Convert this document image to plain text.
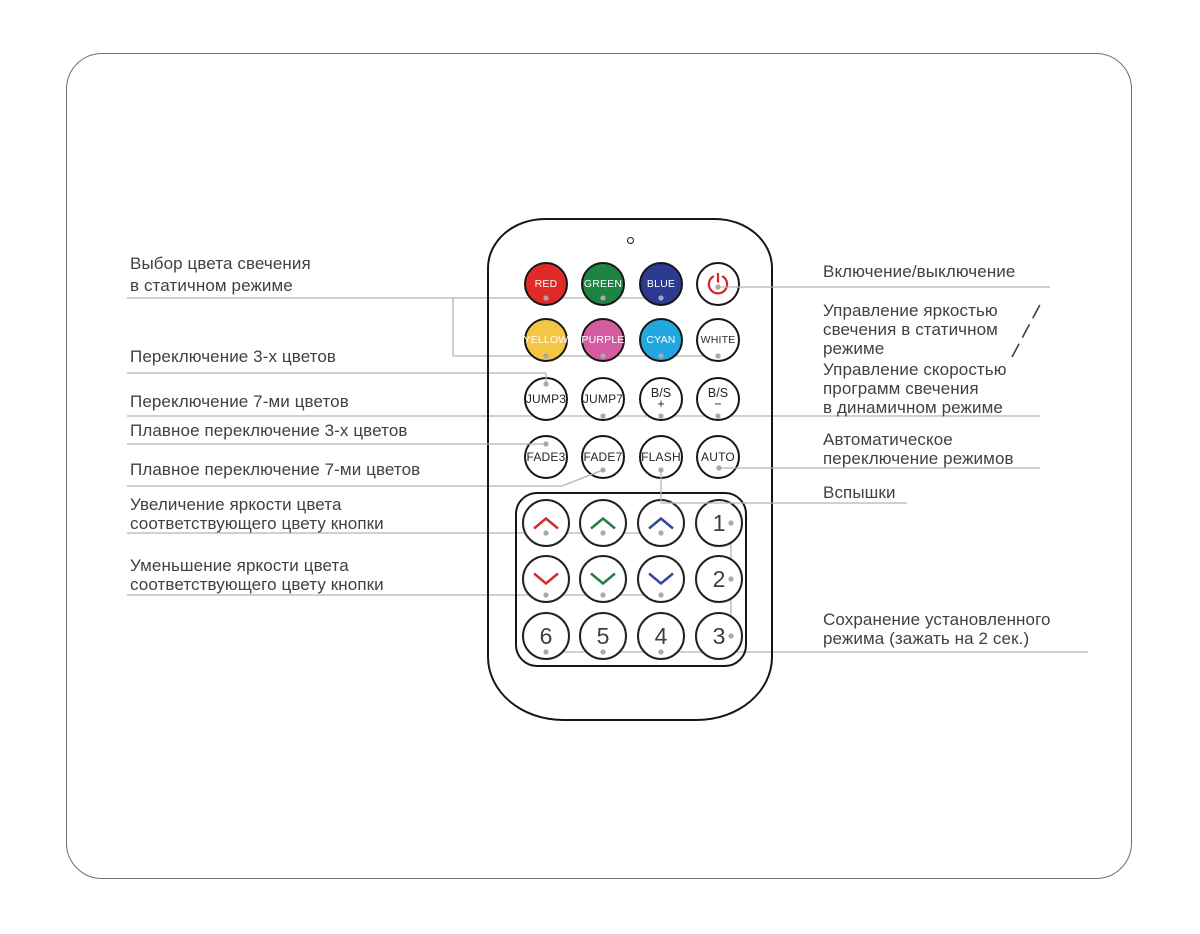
RED	GREEN BLUE
YELLOW PURPLE CYAN WHITE
JUMP3 JUMP7 B/S
+
B/S
−
FADE3 FADE7 FLASH AUTO
1
2
6 5 4 3
Выбор цвета свечения
в статичном режиме
Переключение 3-х цветов
Переключение 7-ми цветов
Плавное переключение 3-х цветов
Плавное переключение 7-ми цветов
Увеличение яркости цвета
соответствующего цвету кнопки
Уменьшение яркости цвета
соответствующего цвету кнопки
Включение/выключение
Управление яркостью
свечения в статичном
режиме
Управление скоростью
программ свечения
в динамичном режиме
Автоматическое
переключение режимов
Вспышки
Сохранение установленного
режима (зажать на 2 сек.)
